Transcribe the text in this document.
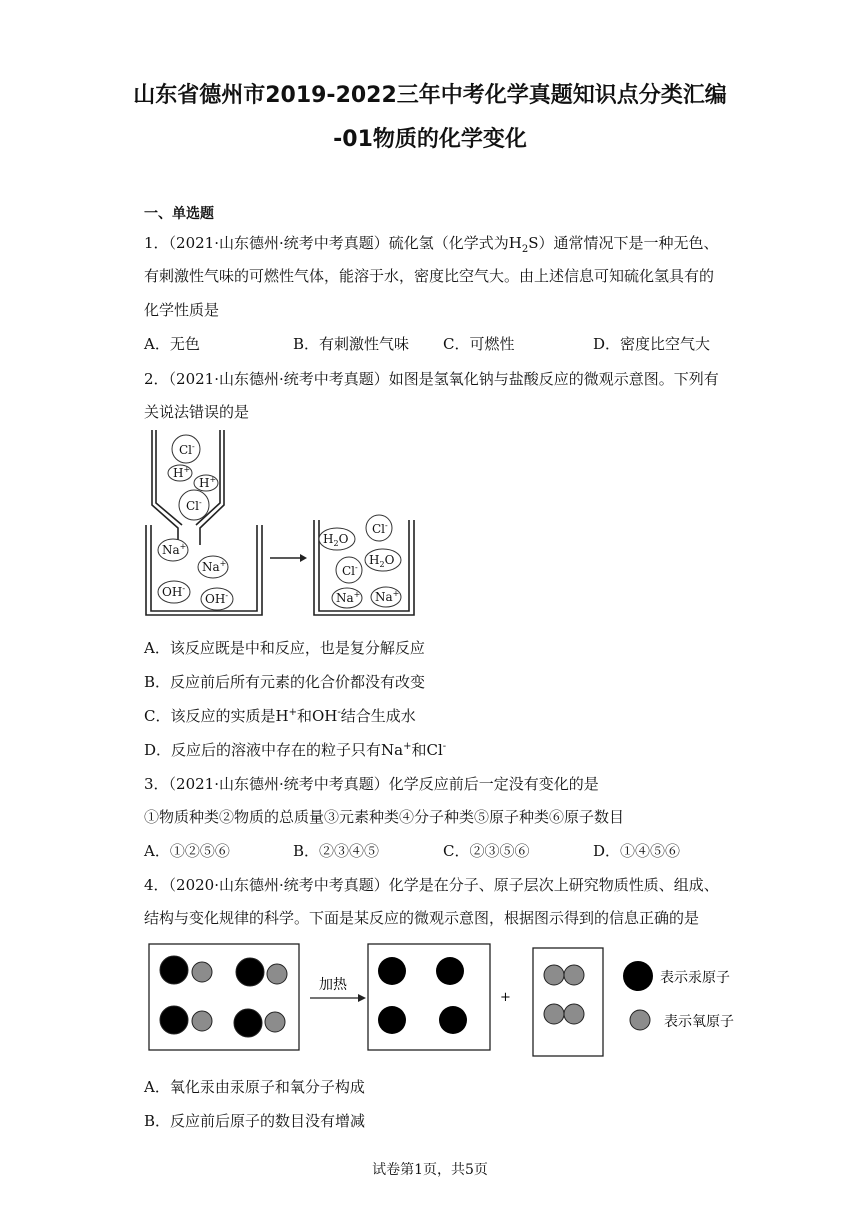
山东省德州市2019-2022三年中考化学真题知识点分类汇编
-01物质的化学变化
一、单选题
1．（2021·山东德州·统考中考真题）硫化氢（化学式为$H_2S$）通常情况下是一种无色、
有刺激性气味的可燃性气体，能溶于水，密度比空气大。由上述信息可知硫化氢具有的
化学性质是
A．无色	B．有刺激性气味 C．可燃性	D．密度比空气大
2．（2021·山东德州·统考中考真题）如图是氢氧化钠与盐酸反应的微观示意图。下列有
关说法错误的是
Cl-
H+
H+
Cl-
Na+
Na+
OH-
OH-
$H_2O$
Cl-
$H_2O$
Cl-
Na+ Na+
A．该反应既是中和反应，也是复分解反应
B．反应前后所有元素的化合价都没有改变
C．该反应的实质是H+和OH-结合生成水
D．反应后的溶液中存在的粒子只有Na+和Cl-
3．（2021·山东德州·统考中考真题）化学反应前后一定没有变化的是
①物质种类②物质的总质量③元素种类④分子种类⑤原子种类⑥原子数目
A．①②⑤⑥	B．②③④⑤	C．②③⑤⑥	D．①④⑤⑥
4．（2020·山东德州·统考中考真题）化学是在分子、原子层次上研究物质性质、组成、
结构与变化规律的科学。下面是某反应的微观示意图，根据图示得到的信息正确的是
加热
+
表示汞原子
表示氧原子
A．氧化汞由汞原子和氧分子构成
B．反应前后原子的数目没有增减
试卷第1页，共5页
